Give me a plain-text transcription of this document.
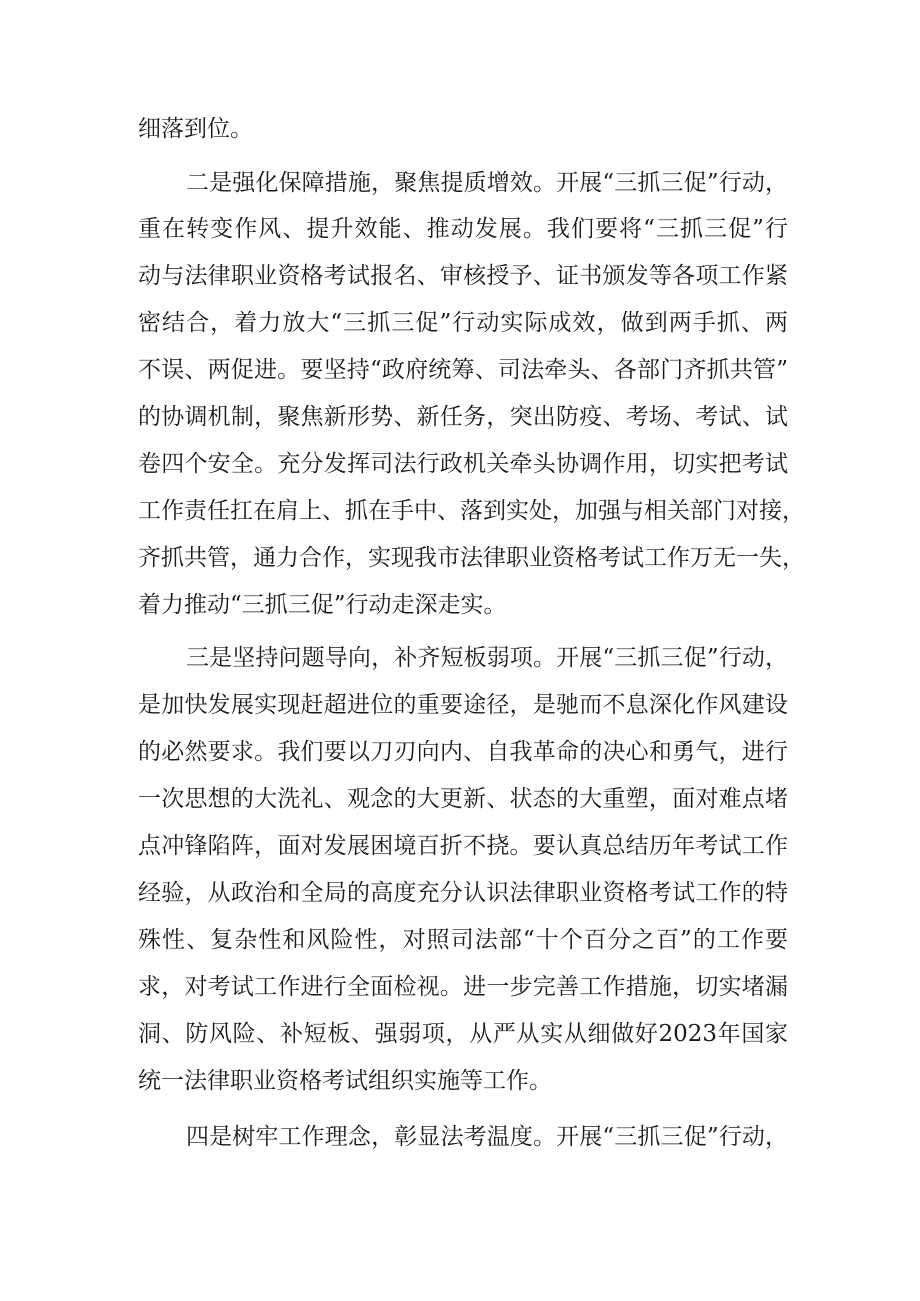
细落到位。
二是强化保障措施，聚焦提质增效。开展“三抓三促”行动，
重在转变作风、提升效能、推动发展。我们要将“三抓三促”行
动与法律职业资格考试报名、审核授予、证书颁发等各项工作紧
密结合，着力放大“三抓三促”行动实际成效，做到两手抓、两
不误、两促进。要坚持“政府统筹、司法牵头、各部门齐抓共管”
的协调机制，聚焦新形势、新任务，突出防疫、考场、考试、试
卷四个安全。充分发挥司法行政机关牵头协调作用，切实把考试
工作责任扛在肩上、抓在手中、落到实处，加强与相关部门对接，
齐抓共管，通力合作，实现我市法律职业资格考试工作万无一失，
着力推动“三抓三促”行动走深走实。
三是坚持问题导向，补齐短板弱项。开展“三抓三促”行动，
是加快发展实现赶超进位的重要途径，是驰而不息深化作风建设
的必然要求。我们要以刀刃向内、自我革命的决心和勇气，进行
一次思想的大洗礼、观念的大更新、状态的大重塑，面对难点堵
点冲锋陷阵，面对发展困境百折不挠。要认真总结历年考试工作
经验，从政治和全局的高度充分认识法律职业资格考试工作的特
殊性、复杂性和风险性，对照司法部“十个百分之百”的工作要
求，对考试工作进行全面检视。进一步完善工作措施，切实堵漏
洞、防风险、补短板、强弱项，从严从实从细做好2023年国家
统一法律职业资格考试组织实施等工作。
四是树牢工作理念，彰显法考温度。开展“三抓三促”行动，
